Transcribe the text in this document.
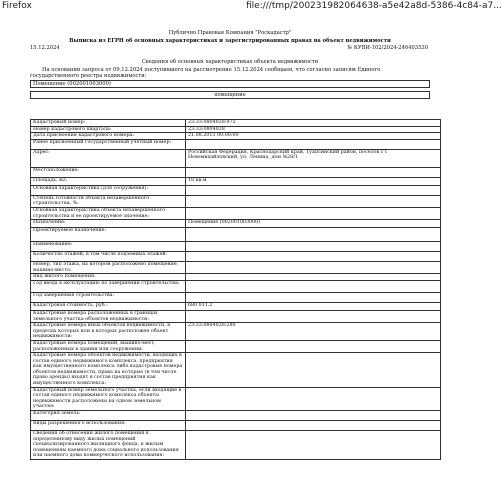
Firefox	file:///tmp/200231982064638-a5e42a8d-5386-4c84-a7...
Публично Правовая Компания "Роскадастр"
Выписка из ЕГРН об основных характеристиках и зарегистрированных правах на объект недвижимости
15.12.2024	№ КУВИ-102/2024-246403530
Сведения об основных характеристиках объекта недвижимости
На основании запроса от 09.12.2024 поступившего на рассмотрение 15.12.2024 сообщаем, что согласно записям Единого государственного реестра недвижимости:
Помещение (002001003000)
помещение
Кадастровый номер:	23:33:0804028:975
Номер кадастрового квартала:	23:33:0804028
Дата присвоения кадастрового номера:	21.08.2013 00:00:00
Ранее присвоенный государственный учетный номер:	
Адрес:	Российская Федерация, Краснодарский край, Туапсинский район, поселок ГТ Новомихайловский, ул. Ленина, дом №28/1
Местоположение:	
Площадь, м2:	18 кв.м
Основная характеристика (для сооружения):	
Степень готовности объекта незавершенного строительства, %:	
Основная характеристика объекта незавершенного строительства и ее проектируемое значение:	
Назначение:	Помещение (002001003000)
Проектируемое назначение:	
Наименование:	
Количество этажей, в том числе подземных этажей:	
Номер, тип этажа, на котором расположено помещение, машино-место:	
Вид жилого помещения:	
Год ввода в эксплуатацию по завершении строительства:	
Год завершения строительства:	
Кадастровая стоимость, руб.:	680 011.2
Кадастровые номера расположенных в границах земельного участка объектов недвижимости:	
Кадастровые номера иных объектов недвижимости, в пределах которых или в которых расположен объект недвижимости:	23:33:0804028:280
Кадастровые номера помещений, машино-мест, расположенных в здании или сооружении:	
Кадастровые номера объектов недвижимости, входящих в состав единого недвижимого комплекса, предприятия как имущественного комплекса либо кадастровые номера объектов недвижимости, права на которые (в том числе право аренды) входят в состав предприятия как имущественного комплекса:	
Кадастровый номер земельного участка, если входящие в состав единого недвижимого комплекса объекты недвижимости расположены на одном земельном участке:	
Категория земель:	
Виды разрешенного использования:	
Сведения об отнесении жилого помещения к определенному виду жилых помещений специализированного жилищного фонда, к жилым помещениям наемного дома социального использования или наемного дома коммерческого использования:	
